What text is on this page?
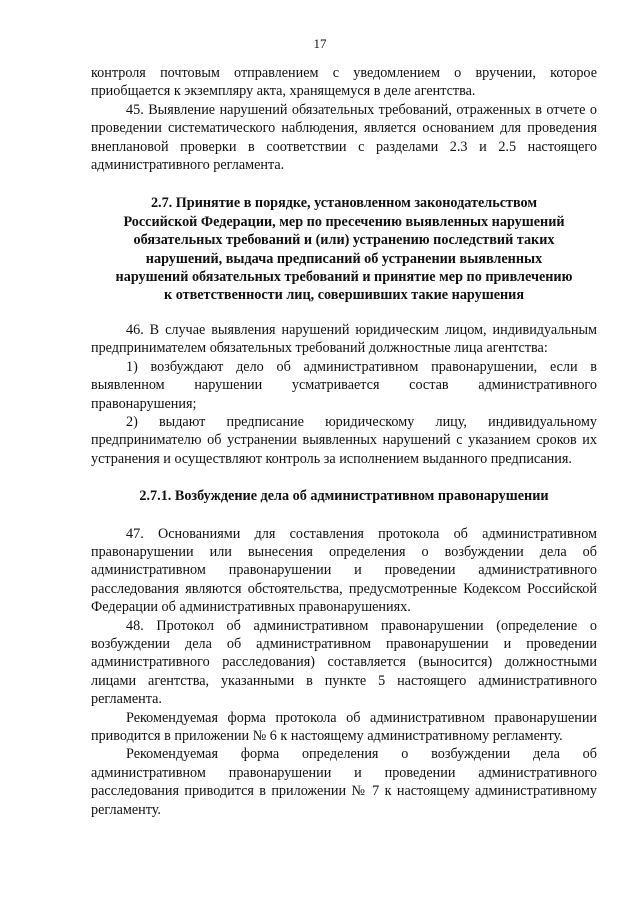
17

контроля почтовым отправлением с уведомлением о вручении, которое приобщается к экземпляру акта, хранящемуся в деле агентства.

45. Выявление нарушений обязательных требований, отраженных в отчете о проведении систематического наблюдения, является основанием для проведения внеплановой проверки в соответствии с разделами 2.3 и 2.5 настоящего административного регламента.

2.7. Принятие в порядке, установленном законодательством
Российской Федерации, мер по пресечению выявленных нарушений
обязательных требований и (или) устранению последствий таких
нарушений, выдача предписаний об устранении выявленных
нарушений обязательных требований и принятие мер по привлечению
к ответственности лиц, совершивших такие нарушения

46. В случае выявления нарушений юридическим лицом, индивидуальным предпринимателем обязательных требований должностные лица агентства:

1) возбуждают дело об административном правонарушении, если в выявленном нарушении усматривается состав административного правонарушения;

2) выдают предписание юридическому лицу, индивидуальному предпринимателю об устранении выявленных нарушений с указанием сроков их устранения и осуществляют контроль за исполнением выданного предписания.

2.7.1. Возбуждение дела об административном правонарушении

47. Основаниями для составления протокола об административном правонарушении или вынесения определения о возбуждении дела об административном правонарушении и проведении административного расследования являются обстоятельства, предусмотренные Кодексом Российской Федерации об административных правонарушениях.

48. Протокол об административном правонарушении (определение о возбуждении дела об административном правонарушении и проведении административного расследования) составляется (выносится) должностными лицами агентства, указанными в пункте 5 настоящего административного регламента.

Рекомендуемая форма протокола об административном правонарушении приводится в приложении № 6 к настоящему административному регламенту.

Рекомендуемая форма определения о возбуждении дела об административном правонарушении и проведении административного расследования приводится в приложении № 7 к настоящему административному регламенту.
